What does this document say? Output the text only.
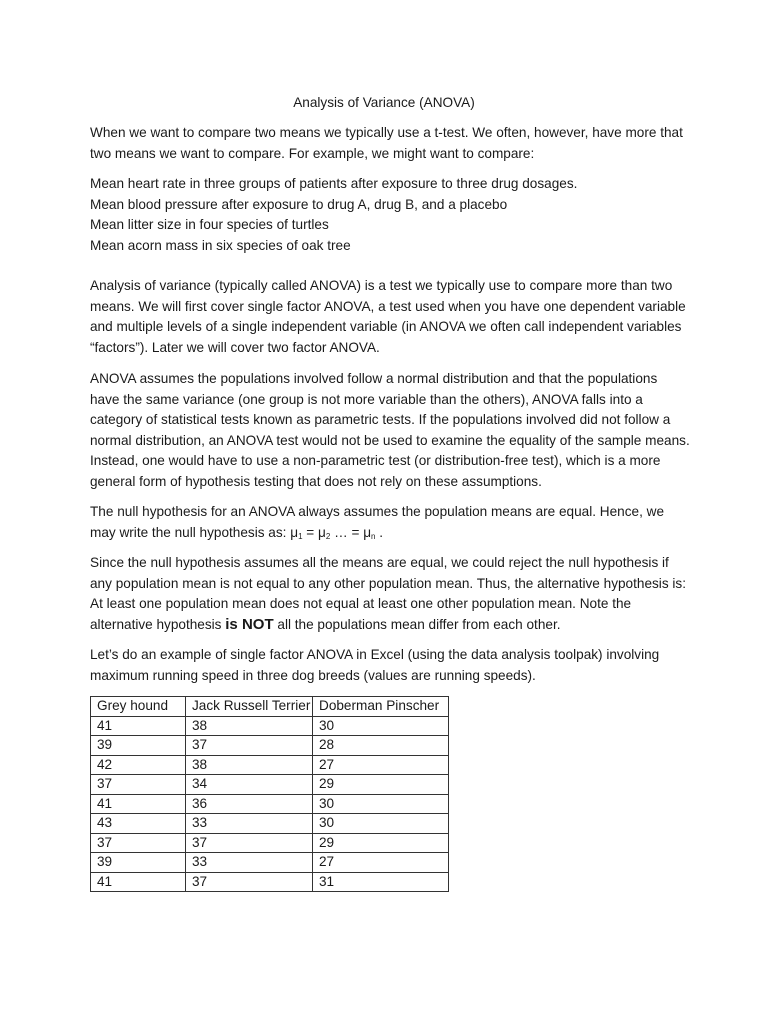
Analysis of Variance (ANOVA)

When we want to compare two means we typically use a t-test. We often, however, have more that two means we want to compare. For example, we might want to compare:

Mean heart rate in three groups of patients after exposure to three drug dosages.
Mean blood pressure after exposure to drug A, drug B, and a placebo
Mean litter size in four species of turtles
Mean acorn mass in six species of oak tree

Analysis of variance (typically called ANOVA) is a test we typically use to compare more than two means. We will first cover single factor ANOVA, a test used when you have one dependent variable and multiple levels of a single independent variable (in ANOVA we often call independent variables “factors”). Later we will cover two factor ANOVA.

ANOVA assumes the populations involved follow a normal distribution and that the populations have the same variance (one group is not more variable than the others), ANOVA falls into a category of statistical tests known as parametric tests. If the populations involved did not follow a normal distribution, an ANOVA test would not be used to examine the equality of the sample means. Instead, one would have to use a non-parametric test (or distribution-free test), which is a more general form of hypothesis testing that does not rely on these assumptions.

The null hypothesis for an ANOVA always assumes the population means are equal. Hence, we may write the null hypothesis as: $\mu_1 = \mu_2$ … = $\mu_n$ .

Since the null hypothesis assumes all the means are equal, we could reject the null hypothesis if any population mean is not equal to any other population mean. Thus, the alternative hypothesis is: At least one population mean does not equal at least one other population mean. Note the alternative hypothesis is NOT all the populations mean differ from each other.

Let’s do an example of single factor ANOVA in Excel (using the data analysis toolpak) involving maximum running speed in three dog breeds (values are running speeds).

Grey hound	Jack Russell Terrier	Doberman Pinscher
41	38	30
39	37	28
42	38	27
37	34	29
41	36	30
43	33	30
37	37	29
39	33	27
41	37	31
